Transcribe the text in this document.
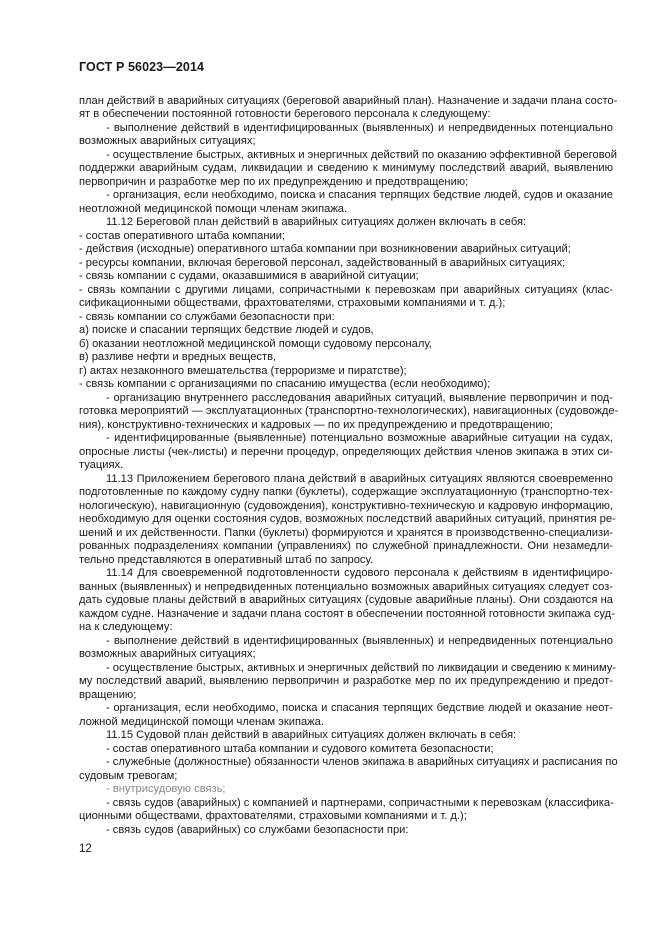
ГОСТ Р 56023—2014
план действий в аварийных ситуациях (береговой аварийный план). Назначение и задачи плана состо-
ят в обеспечении постоянной готовности берегового персонала к следующему:
- выполнение действий в идентифицированных (выявленных) и непредвиденных потенциально
возможных аварийных ситуациях;
- осуществление быстрых, активных и энергичных действий по оказанию эффективной береговой
поддержки аварийным судам, ликвидации и сведению к минимуму последствий аварий, выявлению
первопричин и разработке мер по их предупреждению и предотвращению;
- организация, если необходимо, поиска и спасания терпящих бедствие людей, судов и оказание
неотложной медицинской помощи членам экипажа.
11.12 Береговой план действий в аварийных ситуациях должен включать в себя:
- состав оперативного штаба компании;
- действия (исходные) оперативного штаба компании при возникновении аварийных ситуаций;
- ресурсы компании, включая береговой персонал, задействованный в аварийных ситуациях;
- связь компании с судами, оказавшимися в аварийной ситуации;
- связь компании с другими лицами, сопричастными к перевозкам при аварийных ситуациях (клас-
сификационными обществами, фрахтователями, страховыми компаниями и т. д.);
- связь компании со службами безопасности при:
а) поиске и спасании терпящих бедствие людей и судов,
б) оказании неотложной медицинской помощи судовому персоналу,
в) разливе нефти и вредных веществ,
г) актах незаконного вмешательства (терроризме и пиратстве);
- связь компании с организациями по спасанию имущества (если необходимо);
- организацию внутреннего расследования аварийных ситуаций, выявление первопричин и под-
готовка мероприятий — эксплуатационных (транспортно-технологических), навигационных (судовожде-
ния), конструктивно-технических и кадровых — по их предупреждению и предотвращению;
- идентифицированные (выявленные) потенциально возможные аварийные ситуации на судах,
опросные листы (чек-листы) и перечни процедур, определяющих действия членов экипажа в этих си-
туациях.
11.13 Приложением берегового плана действий в аварийных ситуациях являются своевременно
подготовленные по каждому судну папки (буклеты), содержащие эксплуатационную (транспортно-тех-
нологическую), навигационную (судовождения), конструктивно-техническую и кадровую информацию,
необходимую для оценки состояния судов, возможных последствий аварийных ситуаций, принятия ре-
шений и их действенности. Папки (буклеты) формируются и хранятся в производственно-специализи-
рованных подразделениях компании (управлениях) по служебной принадлежности. Они незамедли-
тельно представляются в оперативный штаб по запросу.
11.14 Для своевременной подготовленности судового персонала к действиям в идентифициро-
ванных (выявленных) и непредвиденных потенциально возможных аварийных ситуациях следует соз-
дать судовые планы действий в аварийных ситуациях (судовые аварийные планы). Они создаются на
каждом судне. Назначение и задачи плана состоят в обеспечении постоянной готовности экипажа суд-
на к следующему:
- выполнение действий в идентифицированных (выявленных) и непредвиденных потенциально
возможных аварийных ситуациях;
- осуществление быстрых, активных и энергичных действий по ликвидации и сведению к миниму-
му последствий аварий, выявлению первопричин и разработке мер по их предупреждению и предот-
вращению;
- организация, если необходимо, поиска и спасания терпящих бедствие людей и оказание неот-
ложной медицинской помощи членам экипажа.
11.15 Судовой план действий в аварийных ситуациях должен включать в себя:
- состав оперативного штаба компании и судового комитета безопасности;
- служебные (должностные) обязанности членов экипажа в аварийных ситуациях и расписания по
судовым тревогам;
- внутрисудовую связь;
- связь судов (аварийных) с компанией и партнерами, сопричастными к перевозкам (классифика-
ционными обществами, фрахтователями, страховыми компаниями и т. д.);
- связь судов (аварийных) со службами безопасности при:
12
